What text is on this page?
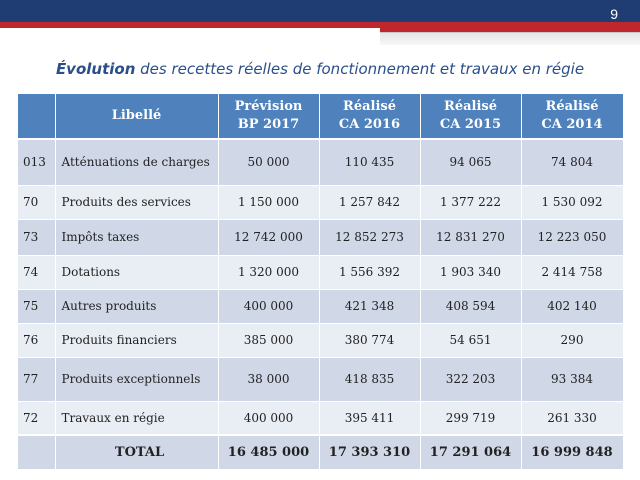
9
Évolution des recettes réelles de fonctionnement et travaux en régie
	Libellé	Prévision BP 2017	Réalisé CA 2016	Réalisé CA 2015	Réalisé CA 2014
013	Atténuations de charges	50 000	110 435	94 065	74 804
70	Produits des services	1 150 000	1 257 842	1 377 222	1 530 092
73	Impôts taxes	12 742 000	12 852 273	12 831 270	12 223 050
74	Dotations	1 320 000	1 556 392	1 903 340	2 414 758
75	Autres produits	400 000	421 348	408 594	402 140
76	Produits financiers	385 000	380 774	54 651	290
77	Produits exceptionnels	38 000	418 835	322 203	93 384
72	Travaux en régie	400 000	395 411	299 719	261 330
	TOTAL	16 485 000	17 393 310	17 291 064	16 999 848
